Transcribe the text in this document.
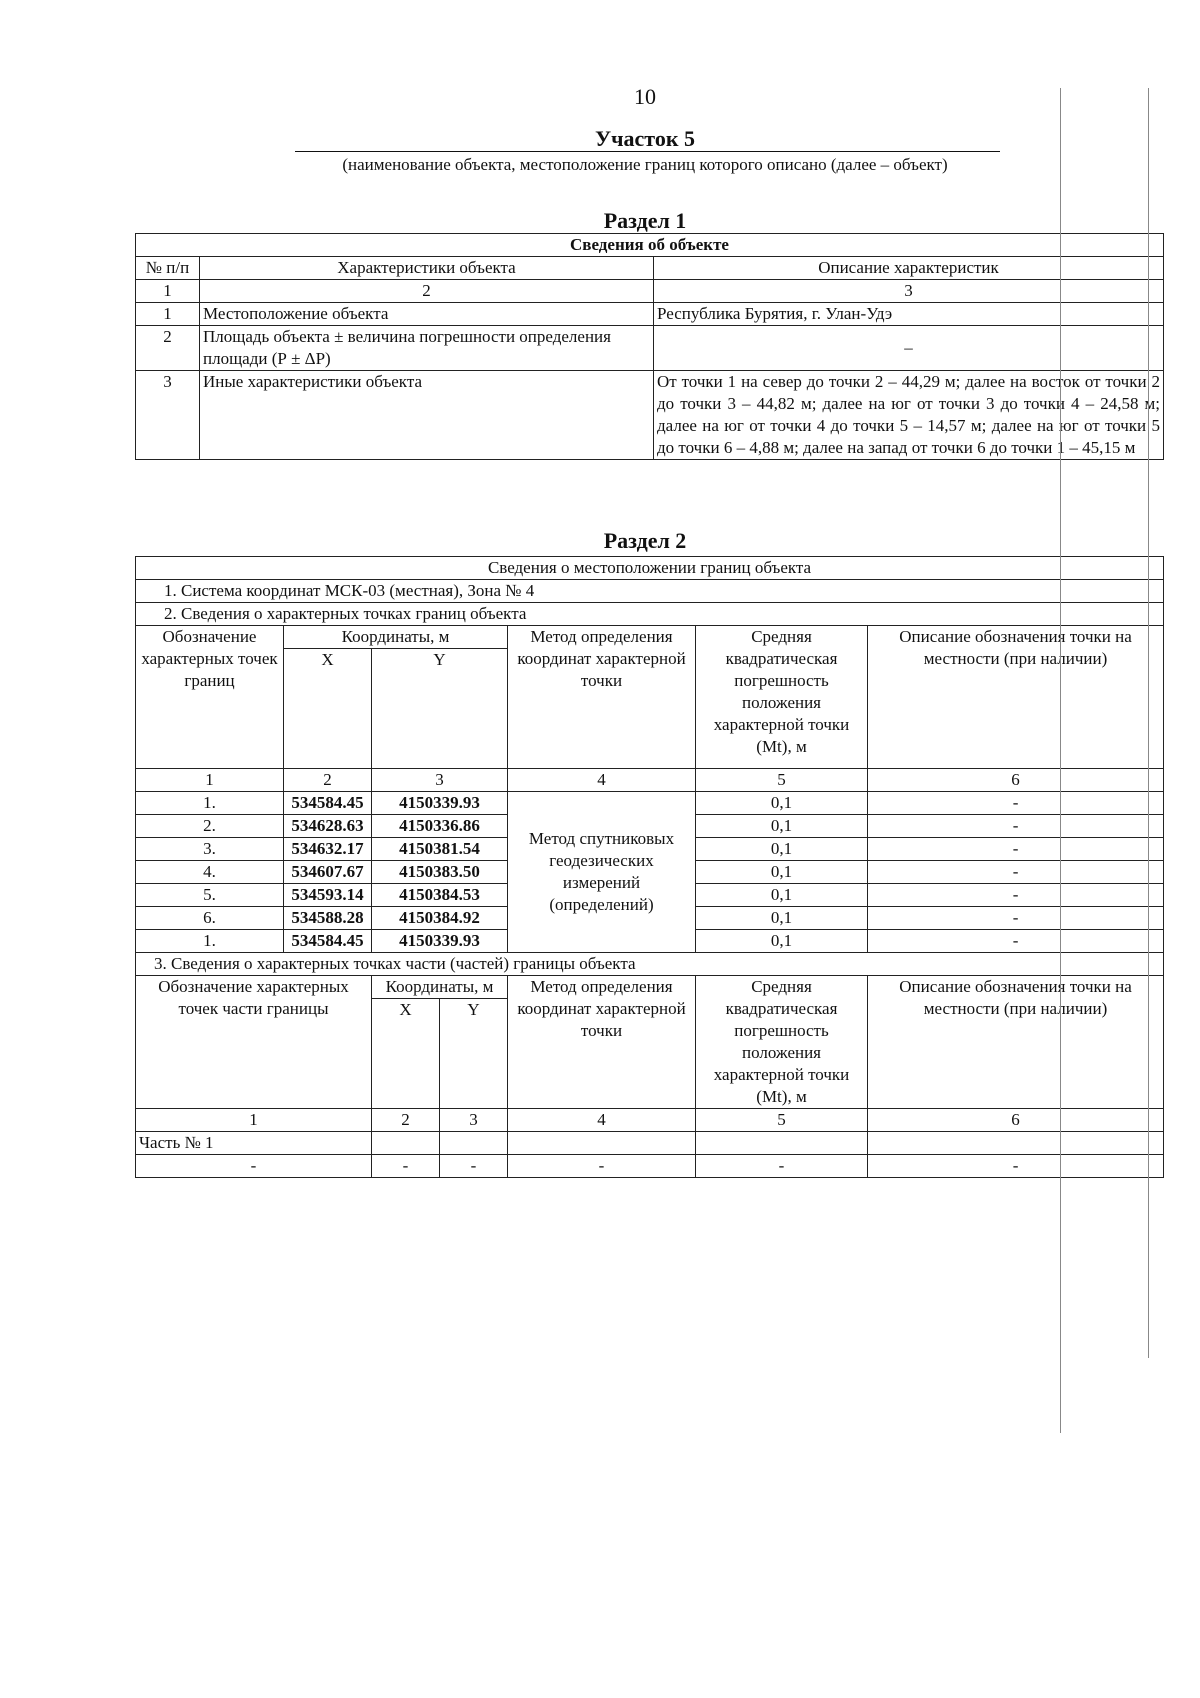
10
Участок 5
(наименование объекта, местоположение границ которого описано (далее – объект)
Раздел 1
Сведения об объекте		
№ п/п	Характеристики объекта	Описание характеристик
1	2	3
1	Местоположение объекта	Республика Бурятия, г. Улан-Удэ
2	Площадь объекта ± величина погрешности определения площади (Р ± ΔР)	–
3	Иные характеристики объекта	От точки 1 на север до точки 2 – 44,29 м; далее на восток от точки 2 до точки 3 – 44,82 м; далее на юг от точки 3 до точки 4 – 24,58 м; далее на юг от точки 4 до точки 5 – 14,57 м; далее на юг от точки 5 до точки 6 – 4,88 м; далее на запад от точки 6 до точки 1 – 45,15 м
Раздел 2
Сведения о местоположении границ объекта						
1. Система координат МСК-03 (местная), Зона № 4						
2. Сведения о характерных точках границ объекта						
Обозначение характерных точек границ	Координаты, м			Метод определения координат характерной точки	Средняя квадратическая погрешность положения характерной точки (Mt), м	Описание обозначения точки на местности (при наличии)
	X	Y				
1	2	3		4	5	6
1.	534584.45	4150339.93		Метод спутниковых геодезических измерений (определений)	0,1	-
2.	534628.63	4150336.86			0,1	-
3.	534632.17	4150381.54			0,1	-
4.	534607.67	4150383.50			0,1	-
5.	534593.14	4150384.53			0,1	-
6.	534588.28	4150384.92			0,1	-
1.	534584.45	4150339.93			0,1	-
3. Сведения о характерных точках части (частей) границы объекта						
Обозначение характерных точек части границы		Координаты, м		Метод определения координат характерной точки	Средняя квадратическая погрешность положения характерной точки (Mt), м	Описание обозначения точки на местности (при наличии)
		X	Y			
1		2	3	4	5	6
Часть № 1						
-		-	-	-	-	-
